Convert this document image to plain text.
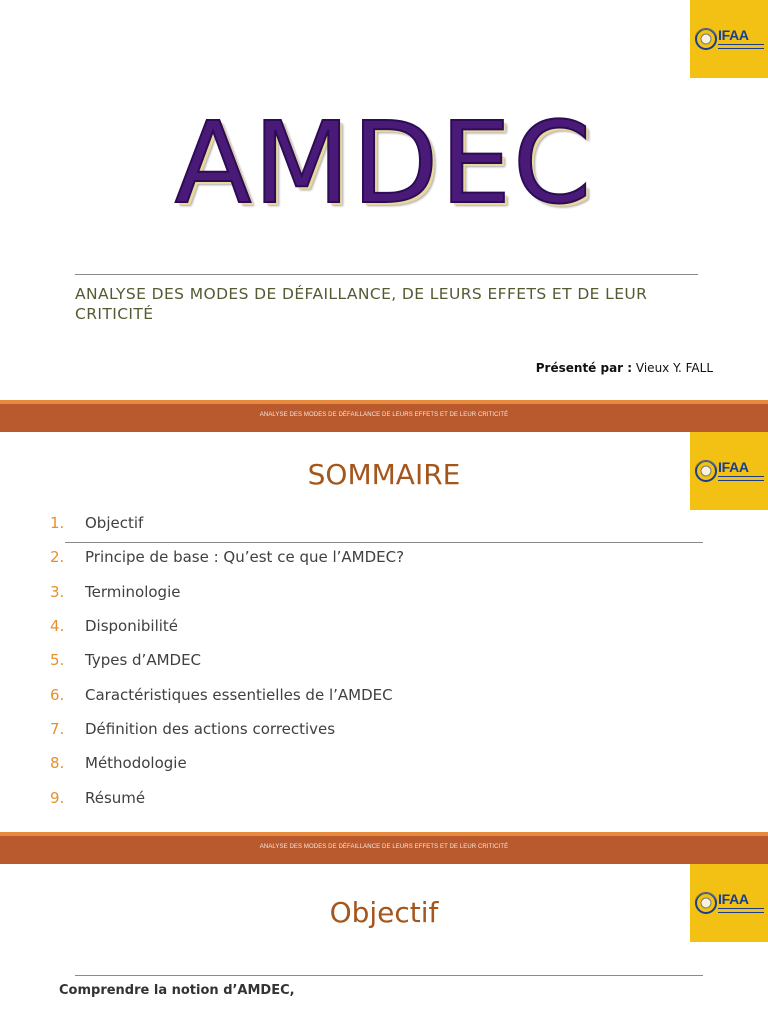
IFAA
AMDEC
ANALYSE DES MODES DE DÉFAILLANCE, DE LEURS EFFETS ET DE LEUR CRITICITÉ
Présenté par : Vieux Y. FALL
ANALYSE DES MODES DE DÉFAILLANCE DE LEURS EFFETS ET DE LEUR CRITICITÉ
IFAA
SOMMAIRE
1.	Objectif
2.	Principe de base : Qu’est ce que l’AMDEC?
3.	Terminologie
4.	Disponibilité
5.	Types d’AMDEC
6.	Caractéristiques essentielles de l’AMDEC
7.	Définition des actions correctives
8.	Méthodologie
9.	Résumé
ANALYSE DES MODES DE DÉFAILLANCE DE LEURS EFFETS ET DE LEUR CRITICITÉ
IFAA
Objectif
Comprendre la notion d’AMDEC,
